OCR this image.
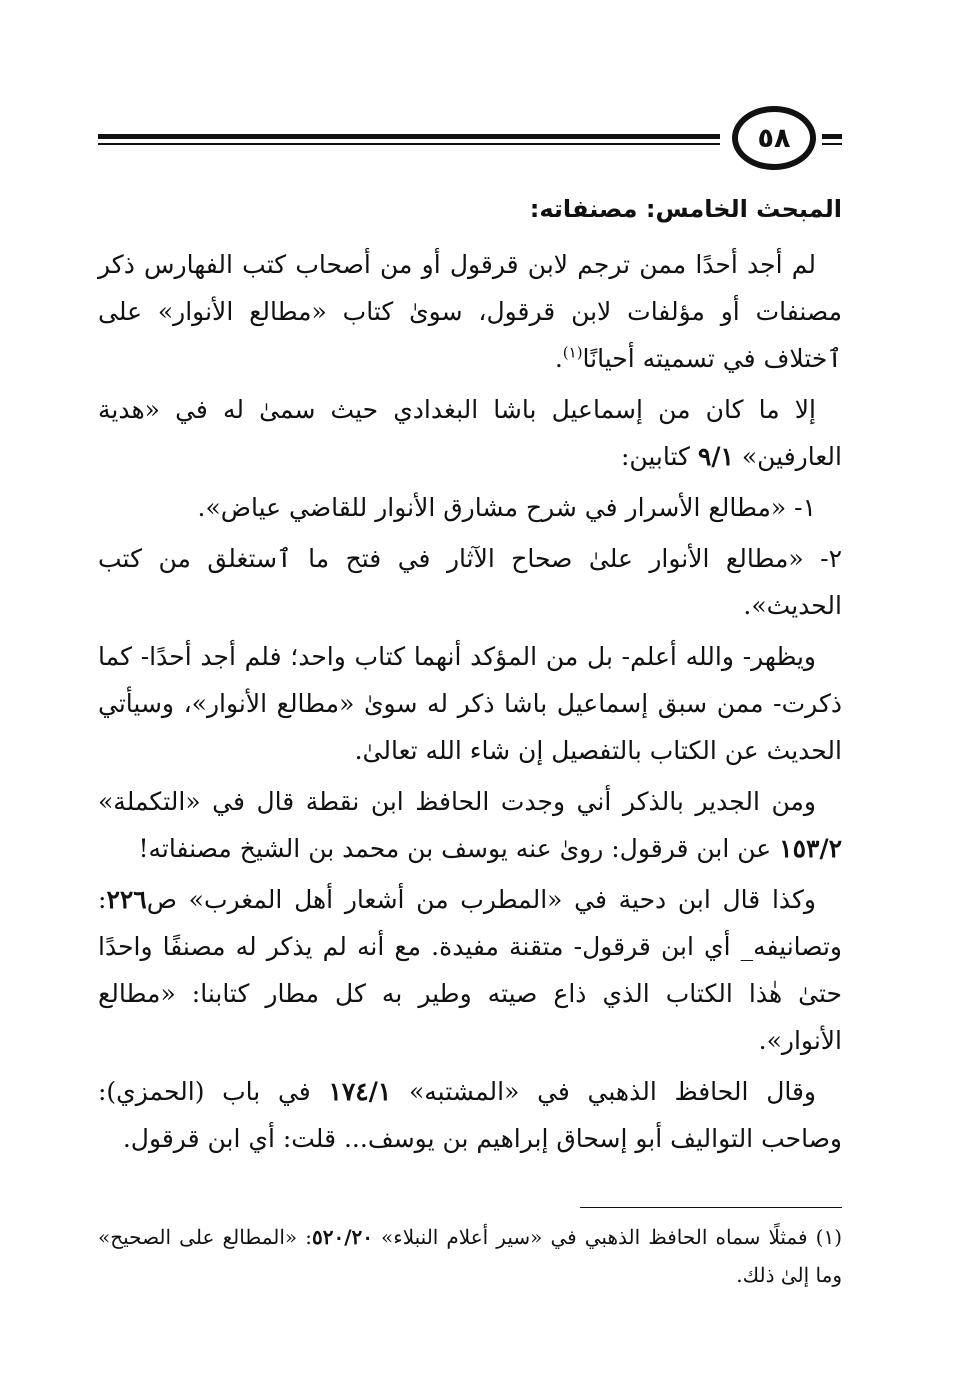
٥٨
المبحث الخامس: مصنفاته:

لم أجد أحدًا ممن ترجم لابن قرقول أو من أصحاب كتب الفهارس ذكر مصنفات أو مؤلفات لابن قرقول، سوىٰ كتاب «مطالع الأنوار» على ٱختلاف في تسميته أحيانًا$^{(١)}$.

إلا ما كان من إسماعيل باشا البغدادي حيث سمىٰ له في «هدية العارفين» ٩/١ كتابين:

١- «مطالع الأسرار في شرح مشارق الأنوار للقاضي عياض».

٢- «مطالع الأنوار علىٰ صحاح الآثار في فتح ما ٱستغلق من كتب الحديث».

ويظهر- والله أعلم- بل من المؤكد أنهما كتاب واحد؛ فلم أجد أحدًا- كما ذكرت- ممن سبق إسماعيل باشا ذكر له سوىٰ «مطالع الأنوار»، وسيأتي الحديث عن الكتاب بالتفصيل إن شاء الله تعالىٰ.

ومن الجدير بالذكر أني وجدت الحافظ ابن نقطة قال في «التكملة» ١٥٣/٢ عن ابن قرقول: روىٰ عنه يوسف بن محمد بن الشيخ مصنفاته!

وكذا قال ابن دحية في «المطرب من أشعار أهل المغرب» ص٢٢٦: وتصانيفه_ أي ابن قرقول- متقنة مفيدة. مع أنه لم يذكر له مصنفًا واحدًا حتىٰ هٰذا الكتاب الذي ذاع صيته وطير به كل مطار كتابنا: «مطالع الأنوار».

وقال الحافظ الذهبي في «المشتبه» ١٧٤/١ في باب (الحمزي): وصاحب التواليف أبو إسحاق إبراهيم بن يوسف... قلت: أي ابن قرقول.

(١) فمثلًا سماه الحافظ الذهبي في «سير أعلام النبلاء» ٥٢٠/٢٠: «المطالع على الصحيح» وما إلىٰ ذلك.
